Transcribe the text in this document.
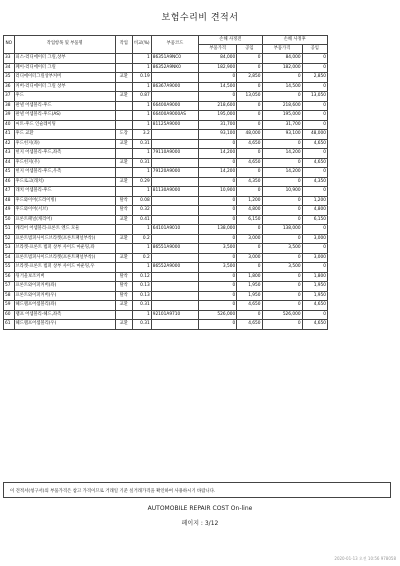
보험수리비 견적서
NO	작업항목 및 부품명	작업	비교(%)	부품코드	손해 사정전		손해 사정후	
					부품가격	공임	부품가격	공임
33	피스-러디에이터 그릴,상부		1	86351A9NC0	84,000	0	84,000	0
34	페이-러디에이터 그릴		1	86352A9NK0	182,900	0	182,000	0
35	러디에이터그릴상부커버	교환	0.19		0	2,850	0	2,850
36	커버-러디에이터 그릴 상부		1	86367A9000	14,500	0	14,500	0
37	후드	교환	0.87		0	13,050	0	13,050
38	판넬 어셈블리-후드		1	66400A9000	218,600	0	218,600	0
39	판넬 어셈블리-후드(AS)		1	66400A9000AS	195,000	0	195,000	0
40	씨트-후드 인슐레이팅		1	81125A9000	31,700	0	31,700	0
41	후드 교환	도장	3.2		93,100	48,000	93,100	48,000
42	후드힌지(좌)	교환	0.31		0	4,650	0	4,650
43	힌지 어셈블리-후드,좌측		1	79110A9000	14,200	0	14,200	0
44	후드힌지(우)	교환	0.31		0	4,650	0	4,650
45	힌지 어셈블리-후드,우측		1	79120A9000	14,200	0	14,200	0
46	후드로크(래치)	교환	0.29		0	4,350	0	4,350
47	래치 어셈블리-후드		1	81130A9000	10,900	0	10,900	0
48	후드와이어(드라이빙)	탈착	0.08		0	1,200	0	1,200
49	후드와이어(서브)	탈착	0.32		0	4,800	0	4,800
50	프론트패널(캐리어)	교환	0.41		0	6,150	0	6,150
51	캐리어 어셈블리-프론트 엔드 모듈		1	64101A9010	138,000	0	138,000	0
52	프론트범퍼사이드브라켓(프론트패널부착)(	교환	0.2		0	3,000	0	3,000
53	브라켓-프론트 범퍼 상부 사이드 마운팅,좌		1	86551A9000	3,500	0	3,500	0
54	프론트범퍼사이드브라켓(프론트패널부착)(	교환	0.2		0	3,000	0	3,000
55	브라켓-프론트 범퍼 상부 사이드 마운팅,우		1	86552A9000	3,500	0	3,500	0
56	뒤거울보조커버	탈착	0.12		0	1,800	0	1,800
57	프론트와이퍼커버(좌)	탈착	0.13		0	1,950	0	1,950
58	프론트와이퍼커버(우)	탈착	0.13		0	1,950	0	1,950
59	헤드램프어셈블리(좌)	교환	0.31		0	4,650	0	4,650
60	램프 어셈블리-헤드,좌측		1	92101A9710	526,000	0	526,000	0
61	헤드램프어셈블리(우)	교환	0.31		0	4,650	0	4,650
이 견적서(청구서)의 부품가격은 참고 가격이므로 거래일 기준 실거래가격을 확인하여 사용하시기 바랍니다.
AUTOMOBILE REPAIR COST On-line
페이지 : 3/12
2020-01-13 오전 10:56 978058
